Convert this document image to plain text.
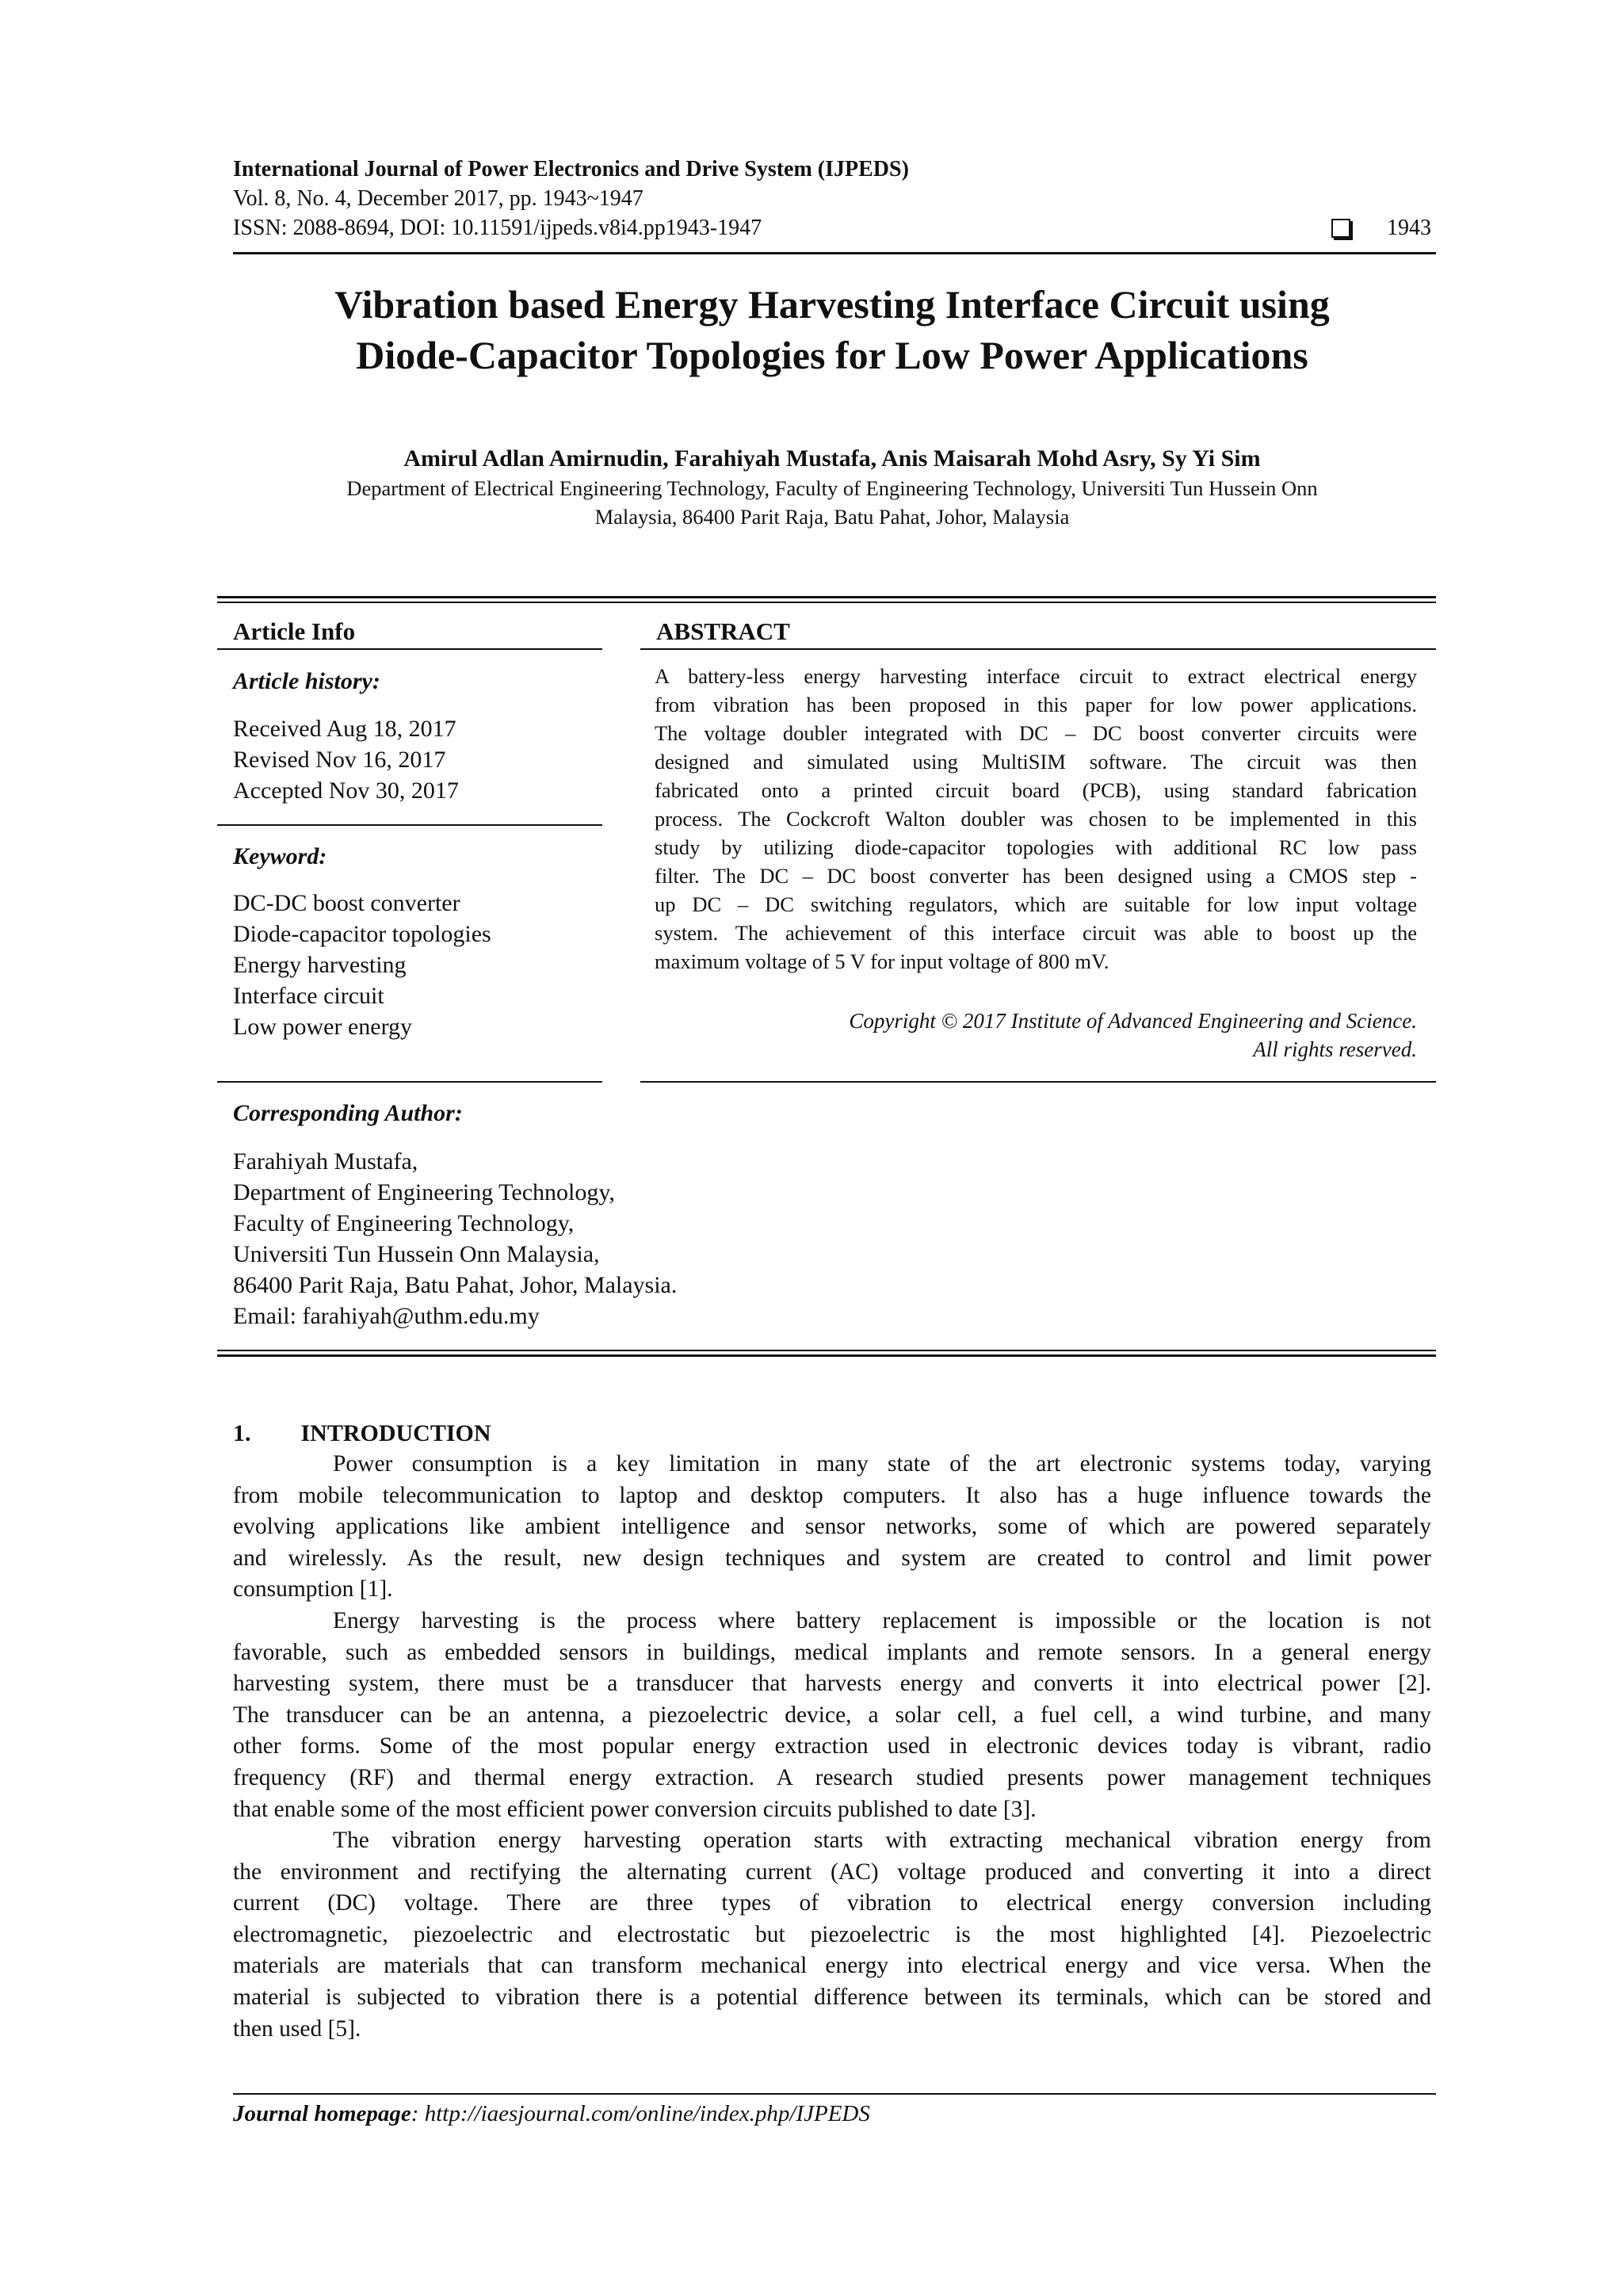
International Journal of Power Electronics and Drive System (IJPEDS)
Vol. 8, No. 4, December 2017, pp. 1943~1947
ISSN: 2088-8694, DOI: 10.11591/ijpeds.v8i4.pp1943-1947	1943
Vibration based Energy Harvesting Interface Circuit using
Diode-Capacitor Topologies for Low Power Applications
Amirul Adlan Amirnudin, Farahiyah Mustafa, Anis Maisarah Mohd Asry, Sy Yi Sim
Department of Electrical Engineering Technology, Faculty of Engineering Technology, Universiti Tun Hussein Onn
Malaysia, 86400 Parit Raja, Batu Pahat, Johor, Malaysia
Article Info
Article history:
Received Aug 18, 2017
Revised Nov 16, 2017
Accepted Nov 30, 2017
Keyword:
DC-DC boost converter
Diode-capacitor topologies
Energy harvesting
Interface circuit
Low power energy
ABSTRACT
A battery-less energy harvesting interface circuit to extract electrical energy
from vibration has been proposed in this paper for low power applications.
The voltage doubler integrated with DC – DC boost converter circuits were
designed and simulated using MultiSIM software. The circuit was then
fabricated onto a printed circuit board (PCB), using standard fabrication
process. The Cockcroft Walton doubler was chosen to be implemented in this
study by utilizing diode-capacitor topologies with additional RC low pass
filter. The DC – DC boost converter has been designed using a CMOS step -
up DC – DC switching regulators, which are suitable for low input voltage
system. The achievement of this interface circuit was able to boost up the
maximum voltage of 5 V for input voltage of 800 mV.
Copyright © 2017 Institute of Advanced Engineering and Science.
All rights reserved.
Corresponding Author:
Farahiyah Mustafa,
Department of Engineering Technology,
Faculty of Engineering Technology,
Universiti Tun Hussein Onn Malaysia,
86400 Parit Raja, Batu Pahat, Johor, Malaysia.
Email: farahiyah@uthm.edu.my
1. INTRODUCTION
Power consumption is a key limitation in many state of the art electronic systems today, varying
from mobile telecommunication to laptop and desktop computers. It also has a huge influence towards the
evolving applications like ambient intelligence and sensor networks, some of which are powered separately
and wirelessly. As the result, new design techniques and system are created to control and limit power
consumption [1].
Energy harvesting is the process where battery replacement is impossible or the location is not
favorable, such as embedded sensors in buildings, medical implants and remote sensors. In a general energy
harvesting system, there must be a transducer that harvests energy and converts it into electrical power [2].
The transducer can be an antenna, a piezoelectric device, a solar cell, a fuel cell, a wind turbine, and many
other forms. Some of the most popular energy extraction used in electronic devices today is vibrant, radio
frequency (RF) and thermal energy extraction. A research studied presents power management techniques
that enable some of the most efficient power conversion circuits published to date [3].
The vibration energy harvesting operation starts with extracting mechanical vibration energy from
the environment and rectifying the alternating current (AC) voltage produced and converting it into a direct
current (DC) voltage. There are three types of vibration to electrical energy conversion including
electromagnetic, piezoelectric and electrostatic but piezoelectric is the most highlighted [4]. Piezoelectric
materials are materials that can transform mechanical energy into electrical energy and vice versa. When the
material is subjected to vibration there is a potential difference between its terminals, which can be stored and
then used [5].
Journal homepage: http://iaesjournal.com/online/index.php/IJPEDS
